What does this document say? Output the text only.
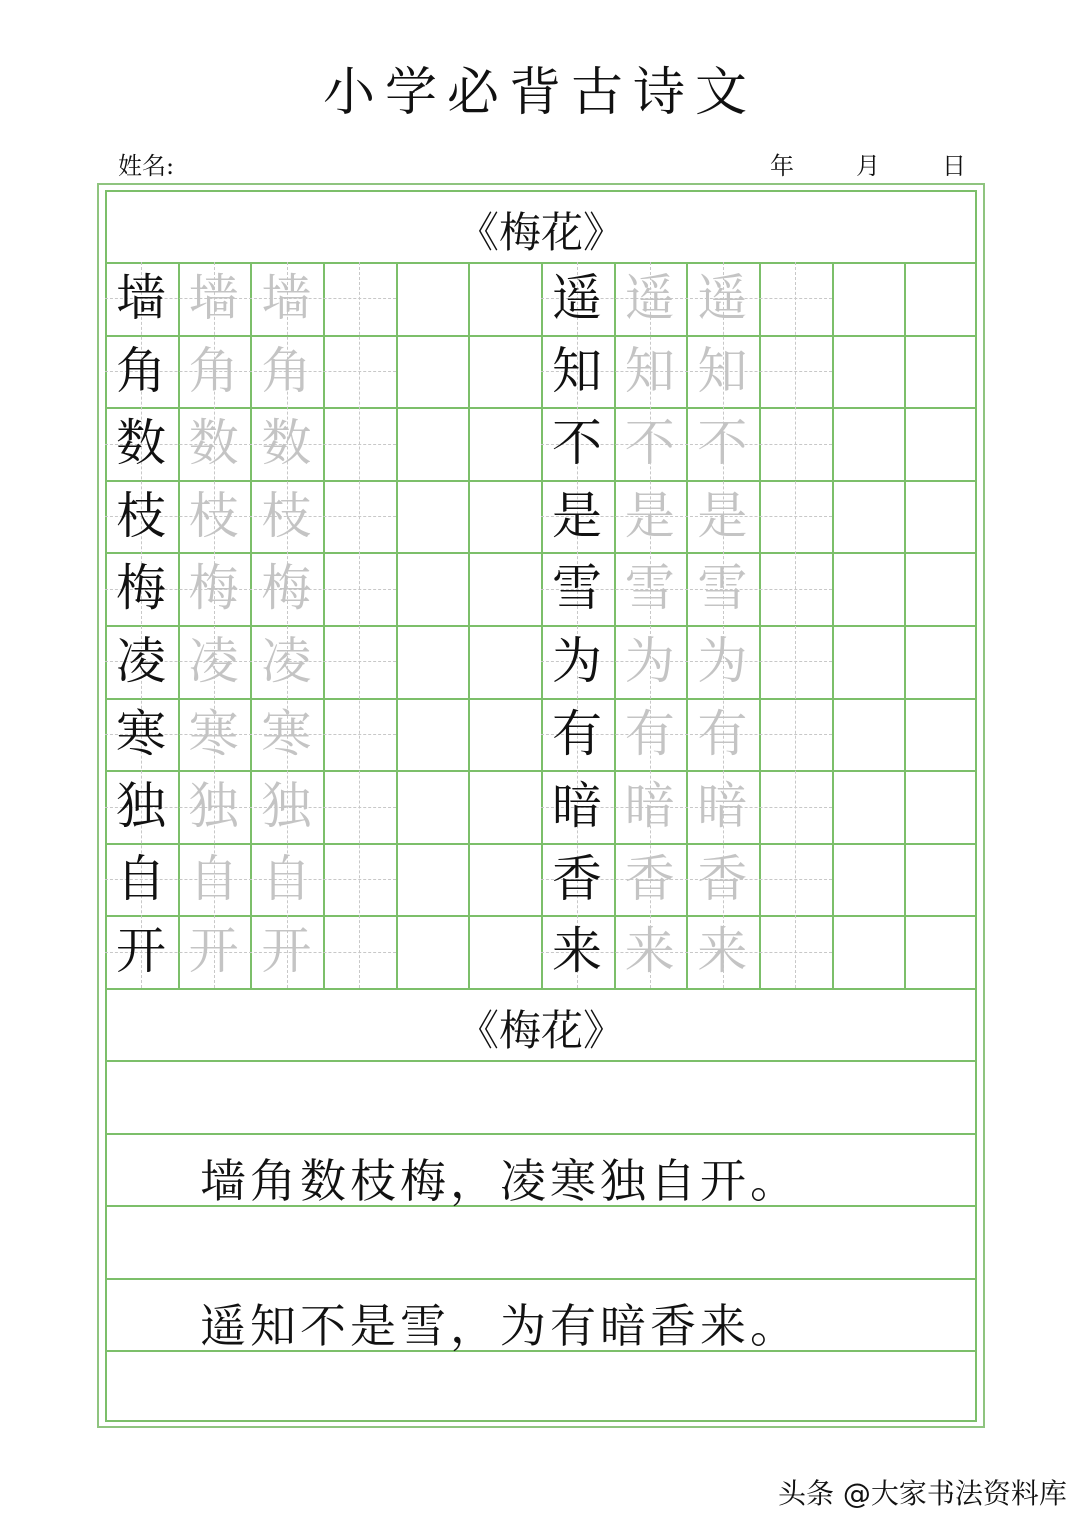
小学必背古诗文
姓名:	年	月	日
墙 墙 墙
角 角 角
数 数 数
枝 枝 枝
梅 梅 梅
凌 凌 凌
寒 寒 寒
独 独 独
自 自 自
开 开 开
遥 遥 遥
知 知 知
不 不 不
是 是 是
雪 雪 雪
为 为 为
有 有 有
暗 暗 暗
香 香 香
来 来 来
《梅花》
《梅花》
墙角数枝梅，凌寒独自开。
遥知不是雪，为有暗香来。
头条 @大家书法资料库
